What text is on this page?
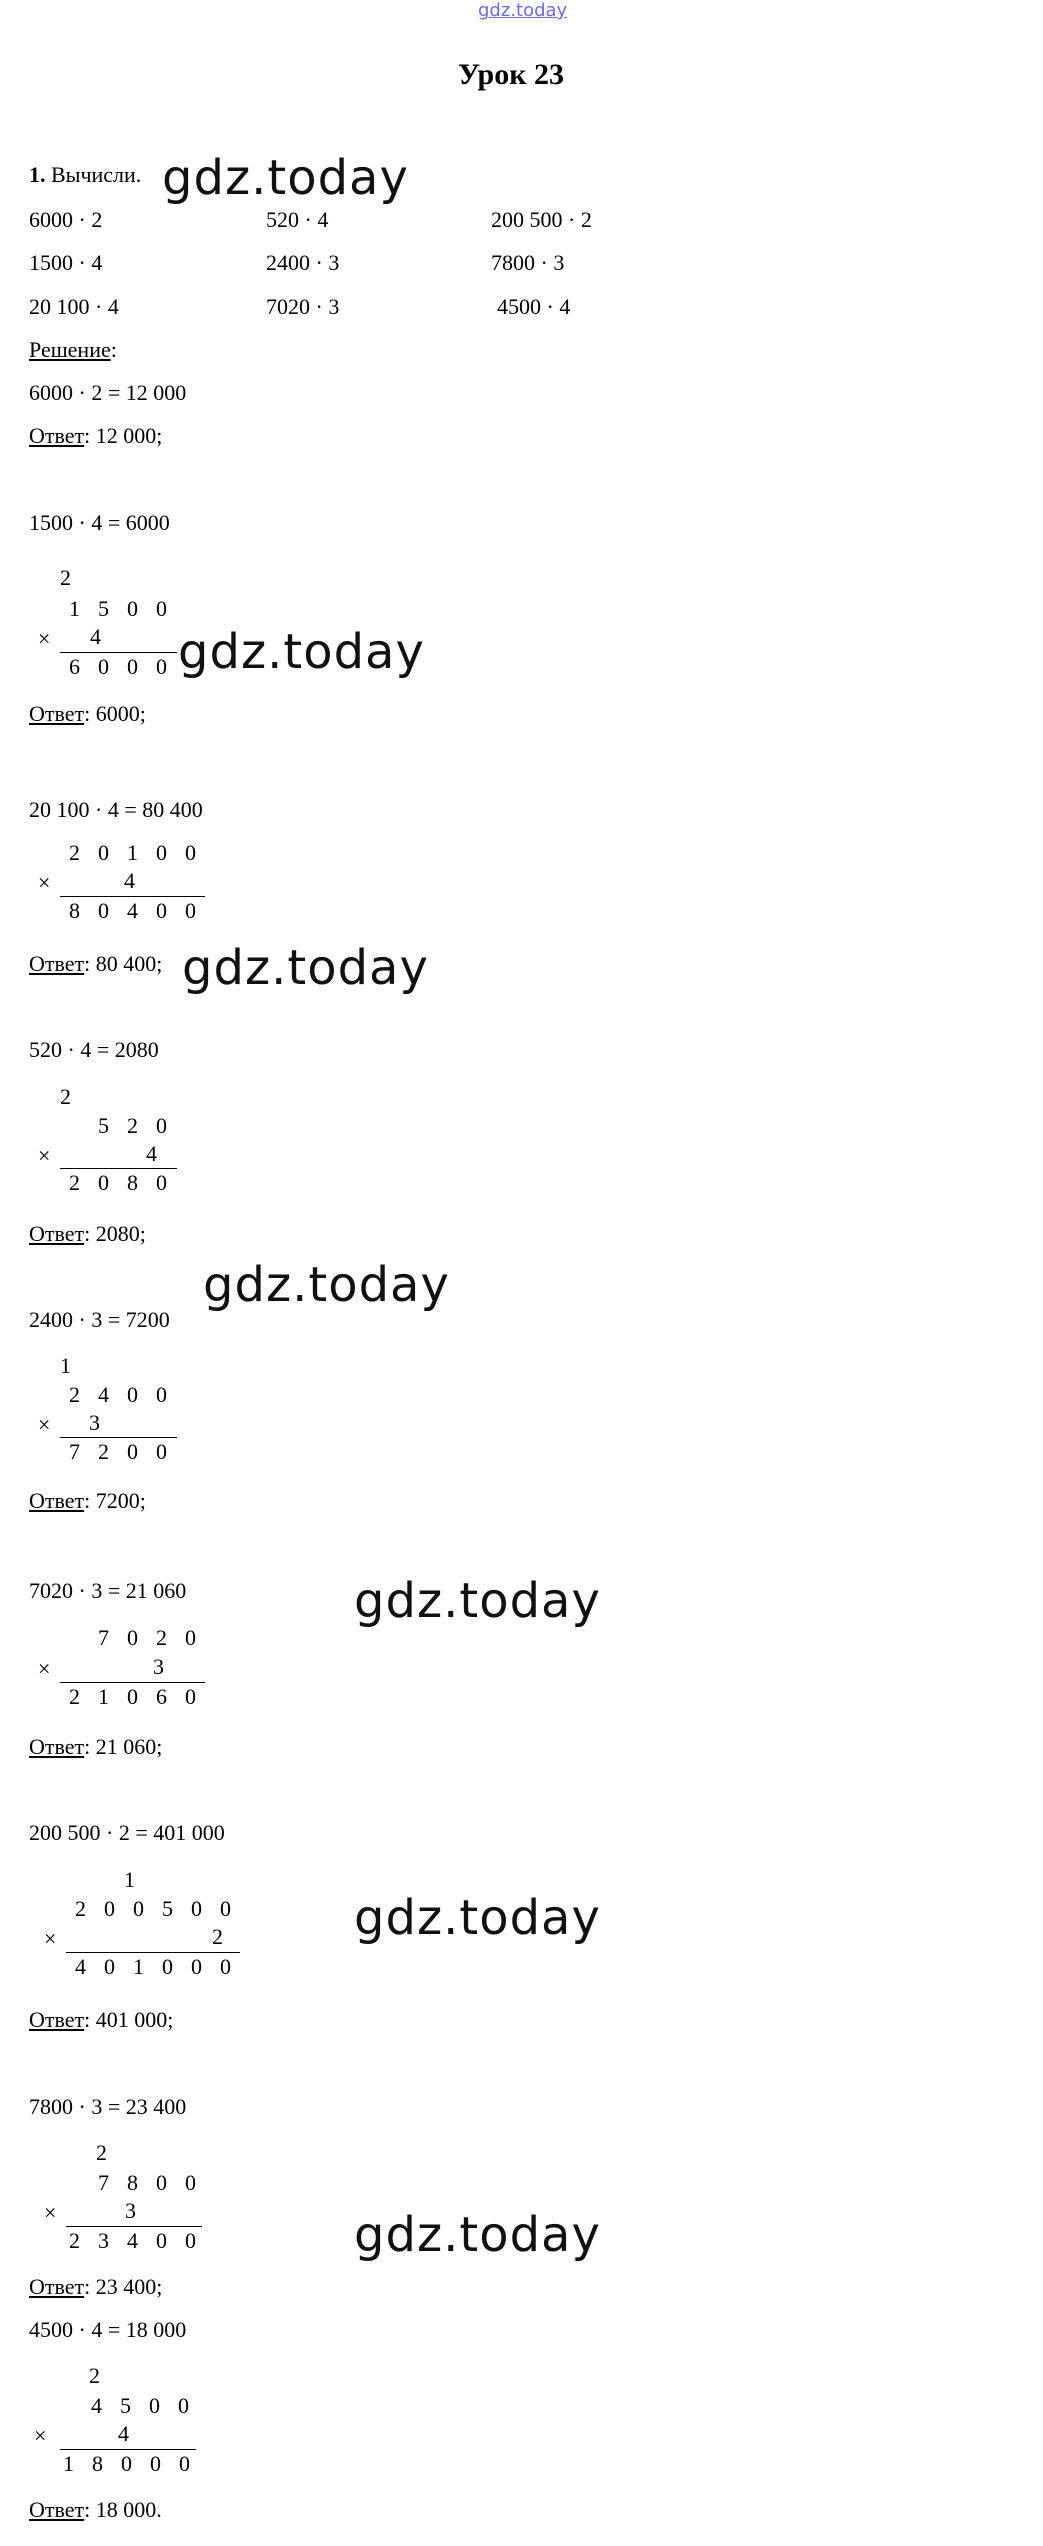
gdz.today
Урок 23
1. Вычисли.
6000 · 2	520 · 4	200 500 · 2
1500 · 4	2400 · 3	7800 · 3
20 100 · 4	7020 · 3	4500 · 4
Решение:
6000 · 2 = 12 000
Ответ: 12 000;
1500 · 4 = 6000
2
1 5 0 0
× 4
6 0 0 0
Ответ: 6000;
20 100 · 4 = 80 400
2 0 1 0 0
×	4
8 0 4 0 0
Ответ: 80 400;
520 · 4 = 2080
2
5 2 0
×	4
2 0 8 0
Ответ: 2080;
2400 · 3 = 7200
1
2 4 0 0
× 3
7 2 0 0
Ответ: 7200;
7020 · 3 = 21 060
7 0 2 0
×	3
2 1 0 6 0
Ответ: 21 060;
200 500 · 2 = 401 000
1
2 0 0 5 0 0
×	2
4 0 1 0 0 0
Ответ: 401 000;
7800 · 3 = 23 400
2
7 8 0 0
×	3
2 3 4 0 0
Ответ: 23 400;
4500 · 4 = 18 000
2
4 5 0 0
×	4
1 8 0 0 0
Ответ: 18 000.
gdz.today
gdz.today
gdz.today
gdz.today
gdz.today
gdz.today
gdz.today
